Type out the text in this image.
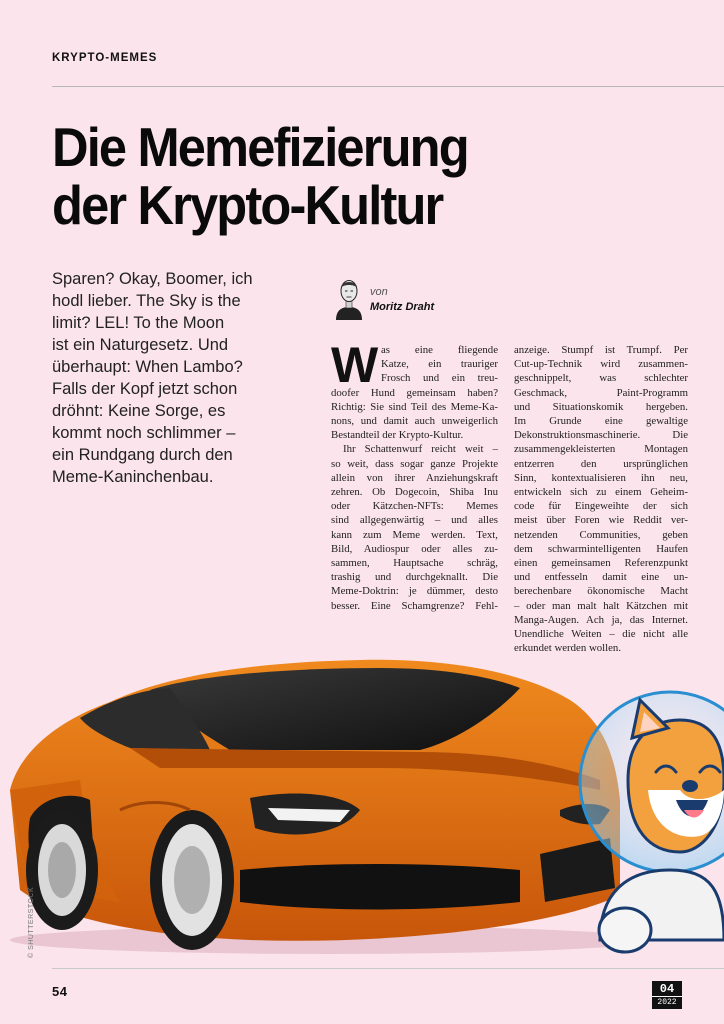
KRYPTO-MEMES
Die Memefizierung
der Krypto-Kultur
Sparen? Okay, Boomer, ich
hodl lieber. The Sky is the
limit? LEL! To the Moon
ist ein Naturgesetz. Und
überhaupt: When Lambo?
Falls der Kopf jetzt schon
dröhnt: Keine Sorge, es
kommt noch schlimmer –
ein Rundgang durch den
Meme-Kaninchenbau.
von
Moritz Draht
W as eine fliegende
Katze, ein trauriger
Frosch und ein treu-
doofer Hund gemeinsam haben?
Richtig: Sie sind Teil des Meme-Ka-
nons, und damit auch unweigerlich
Bestandteil der Krypto-Kultur.
Ihr Schattenwurf reicht weit –
so weit, dass sogar ganze Projekte
allein von ihrer Anziehungskraft
zehren. Ob Dogecoin, Shiba Inu
oder Kätzchen-NFTs: Memes
sind allgegenwärtig – und alles
kann zum Meme werden. Text,
Bild, Audiospur oder alles zu-
sammen, Hauptsache schräg,
trashig und durchgeknallt. Die
Meme-Doktrin: je dümmer, desto
besser. Eine Schamgrenze? Fehl-
anzeige. Stumpf ist Trumpf. Per
Cut-up-Technik wird zusammen-
geschnippelt, was schlechter
Geschmack, Paint-Programm
und Situationskomik hergeben.
Im Grunde eine gewaltige
Dekonstruktionsmaschinerie. Die
zusammengekleisterten Montagen
entzerren den ursprünglichen
Sinn, kontextualisieren ihn neu,
entwickeln sich zu einem Geheim-
code für Eingeweihte der sich
meist über Foren wie Reddit ver-
netzenden Communities, geben
dem schwarmintelligenten Haufen
einen gemeinsamen Referenzpunkt
und entfesseln damit eine un-
berechenbare ökonomische Macht
– oder man malt halt Kätzchen mit
Manga-Augen. Ach ja, das Internet.
Unendliche Weiten – die nicht alle
erkundet werden wollen.
© SHUTTERSTOCK
54	04
2022
